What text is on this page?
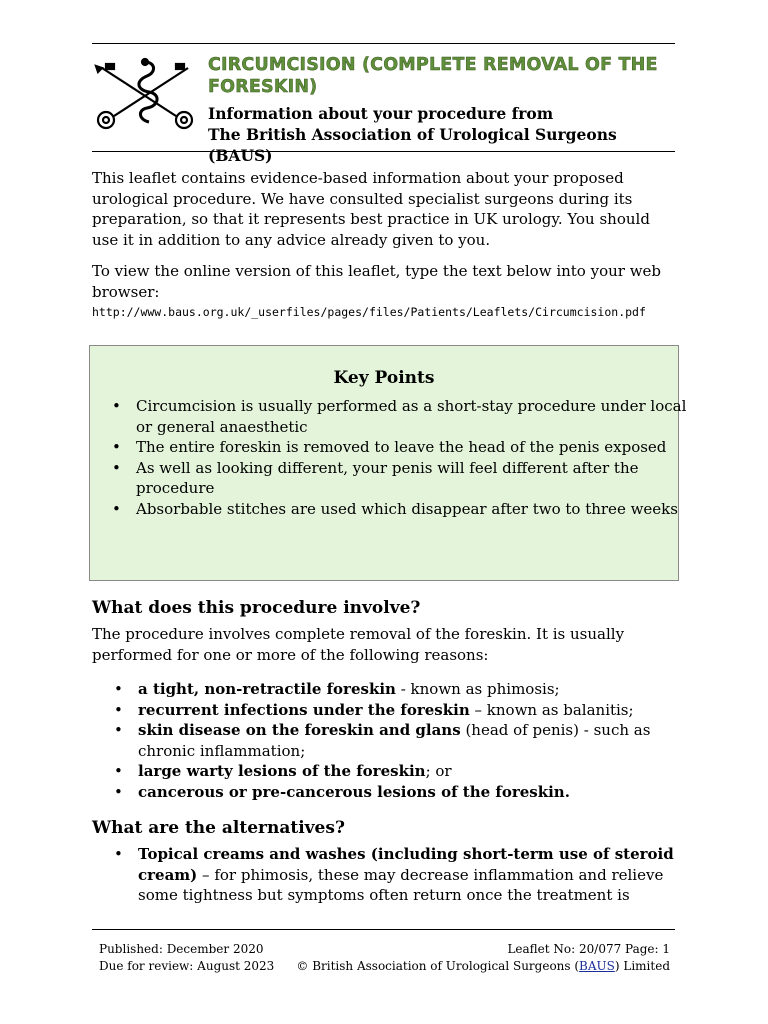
CIRCUMCISION (COMPLETE REMOVAL OF THE FORESKIN)
Information about your procedure from
The British Association of Urological Surgeons (BAUS)
This leaflet contains evidence-based information about your proposed urological procedure. We have consulted specialist surgeons during its preparation, so that it represents best practice in UK urology. You should use it in addition to any advice already given to you.
To view the online version of this leaflet, type the text below into your web browser:
http://www.baus.org.uk/_userfiles/pages/files/Patients/Leaflets/Circumcision.pdf
Key Points
• Circumcision is usually performed as a short-stay procedure under local or general anaesthetic
• The entire foreskin is removed to leave the head of the penis exposed
• As well as looking different, your penis will feel different after the procedure
• Absorbable stitches are used which disappear after two to three weeks
What does this procedure involve?
The procedure involves complete removal of the foreskin. It is usually performed for one or more of the following reasons:
• a tight, non-retractile foreskin - known as phimosis;
• recurrent infections under the foreskin – known as balanitis;
• skin disease on the foreskin and glans (head of penis) - such as chronic inflammation;
• large warty lesions of the foreskin; or
• cancerous or pre-cancerous lesions of the foreskin.
What are the alternatives?
• Topical creams and washes (including short-term use of steroid cream) – for phimosis, these may decrease inflammation and relieve some tightness but symptoms often return once the treatment is
Published: December 2020
Due for review: August 2023
Leaflet No: 20/077 Page: 1
© British Association of Urological Surgeons (BAUS) Limited
